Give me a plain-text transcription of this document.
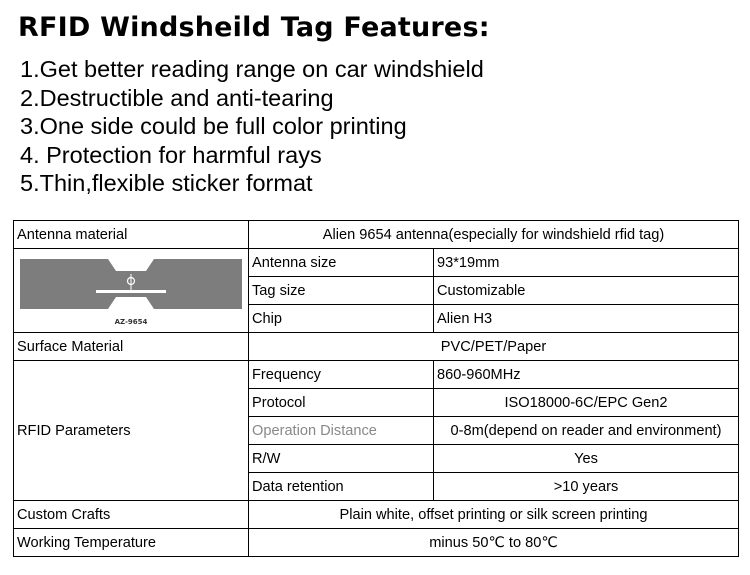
RFID Windsheild Tag Features:
1.Get better reading range on car windshield
2.Destructible and anti-tearing
3.One side could be full color printing
4. Protection for harmful rays
5.Thin,flexible sticker format
Antenna material	Alien 9654 antenna(especially for windshield rfid tag)	

AZ-9654	Antenna size	93*19mm
	Tag size	Customizable
	Chip	Alien H3
Surface Material	PVC/PET/Paper	
RFID Parameters	Frequency	860-960MHz
	Protocol	ISO18000-6C/EPC Gen2
	Operation Distance	0-8m(depend on reader and environment)
	R/W	Yes
	Data retention	>10 years
Custom Crafts	Plain white, offset printing or silk screen printing	
Working Temperature	minus 50℃ to 80℃	
